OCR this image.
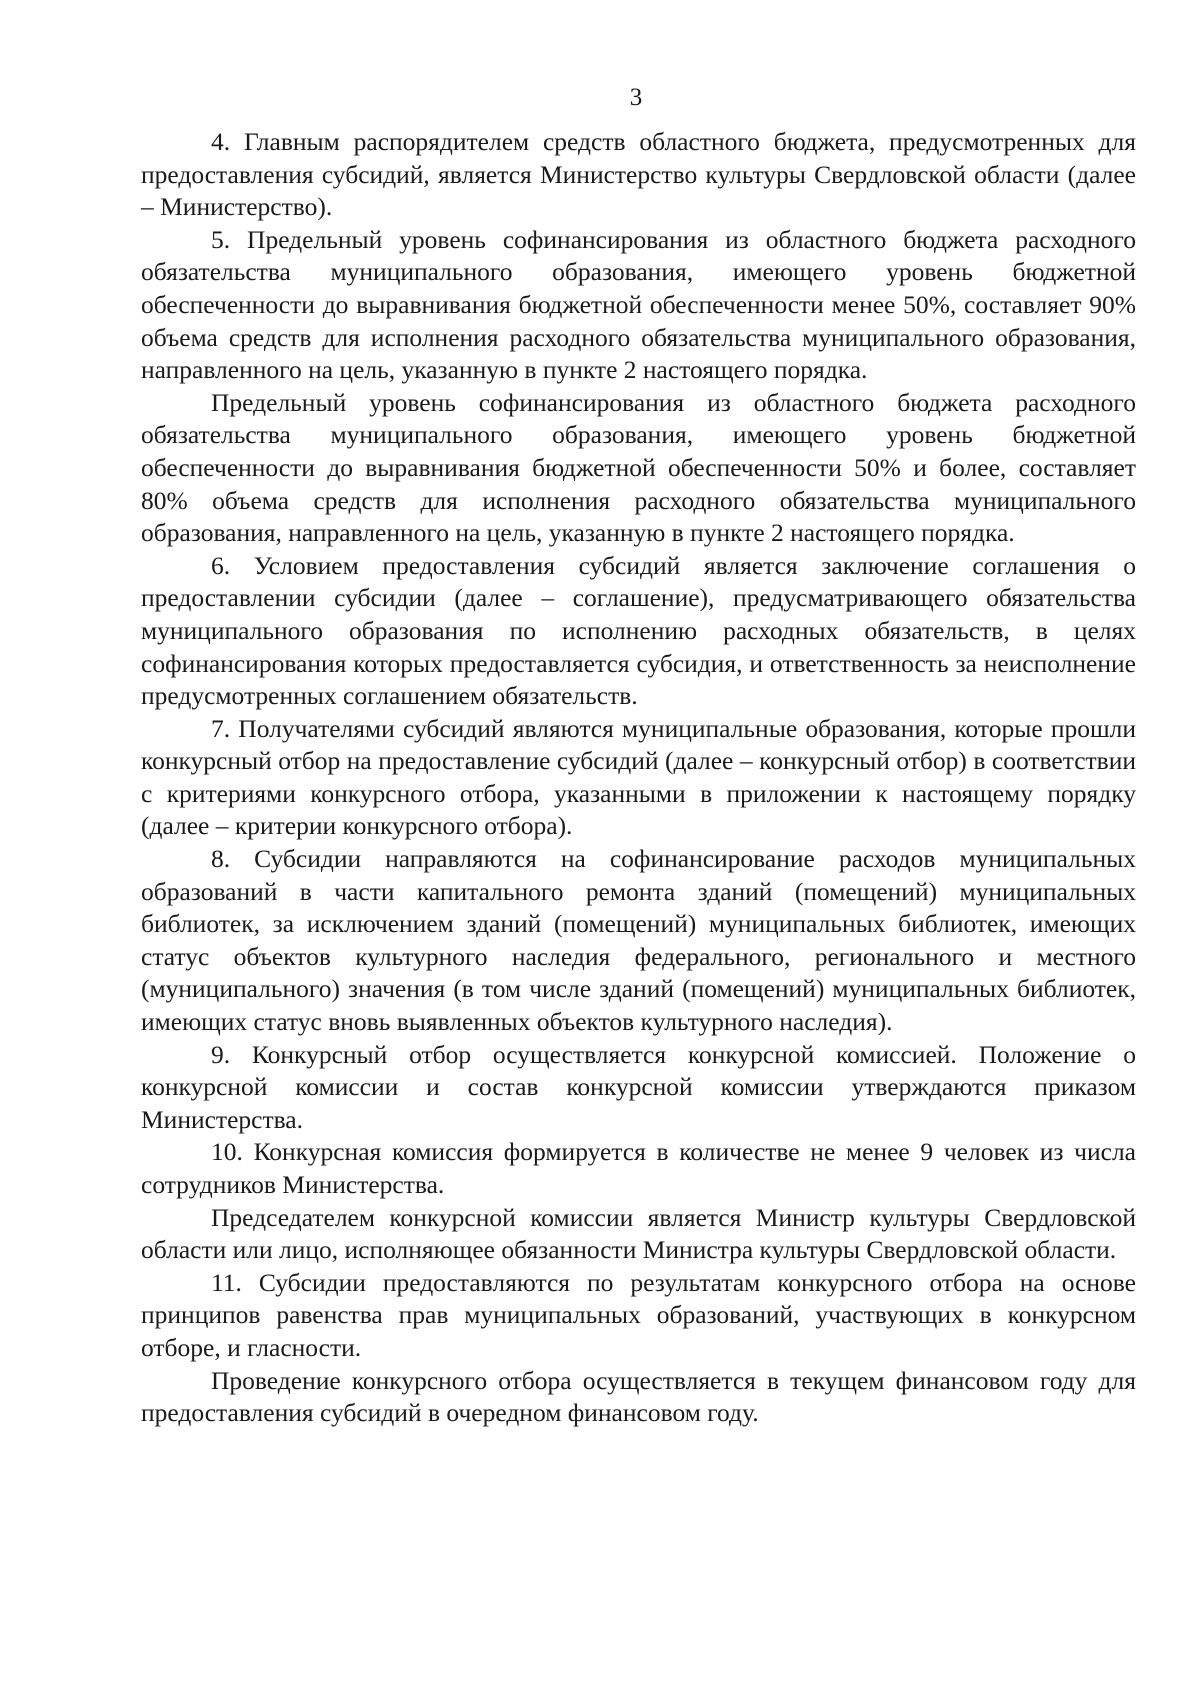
3

4. Главным распорядителем средств областного бюджета, предусмотренных для предоставления субсидий, является Министерство культуры Свердловской области (далее – Министерство).

5. Предельный уровень софинансирования из областного бюджета расходного обязательства муниципального образования, имеющего уровень бюджетной обеспеченности до выравнивания бюджетной обеспеченности менее 50%, составляет 90% объема средств для исполнения расходного обязательства муниципального образования, направленного на цель, указанную в пункте 2 настоящего порядка.

Предельный уровень софинансирования из областного бюджета расходного обязательства муниципального образования, имеющего уровень бюджетной обеспеченности до выравнивания бюджетной обеспеченности 50% и более, составляет 80% объема средств для исполнения расходного обязательства муниципального образования, направленного на цель, указанную в пункте 2 настоящего порядка.

6. Условием предоставления субсидий является заключение соглашения о предоставлении субсидии (далее – соглашение), предусматривающего обязательства муниципального образования по исполнению расходных обязательств, в целях софинансирования которых предоставляется субсидия, и ответственность за неисполнение предусмотренных соглашением обязательств.

7. Получателями субсидий являются муниципальные образования, которые прошли конкурсный отбор на предоставление субсидий (далее – конкурсный отбор) в соответствии с критериями конкурсного отбора, указанными в приложении к настоящему порядку (далее – критерии конкурсного отбора).

8. Субсидии направляются на софинансирование расходов муниципальных образований в части капитального ремонта зданий (помещений) муниципальных библиотек, за исключением зданий (помещений) муниципальных библиотек, имеющих статус объектов культурного наследия федерального, регионального и местного (муниципального) значения (в том числе зданий (помещений) муниципальных библиотек, имеющих статус вновь выявленных объектов культурного наследия).

9. Конкурсный отбор осуществляется конкурсной комиссией. Положение о конкурсной комиссии и состав конкурсной комиссии утверждаются приказом Министерства.

10. Конкурсная комиссия формируется в количестве не менее 9 человек из числа сотрудников Министерства.

Председателем конкурсной комиссии является Министр культуры Свердловской области или лицо, исполняющее обязанности Министра культуры Свердловской области.

11. Субсидии предоставляются по результатам конкурсного отбора на основе принципов равенства прав муниципальных образований, участвующих в конкурсном отборе, и гласности.

Проведение конкурсного отбора осуществляется в текущем финансовом году для предоставления субсидий в очередном финансовом году.
